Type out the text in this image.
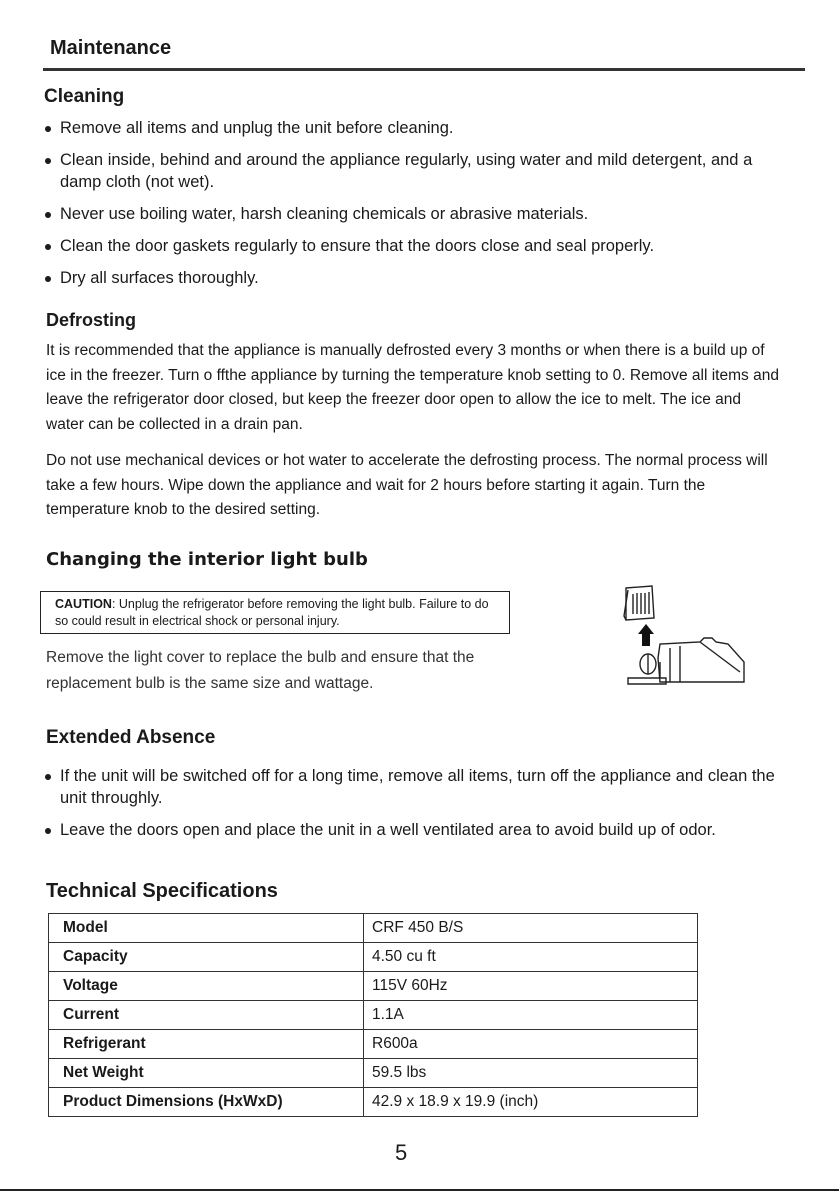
Maintenance
Cleaning
Remove all items and unplug the unit before cleaning.
Clean inside, behind and around the appliance regularly, using water and mild detergent, and a damp cloth (not wet).
Never use boiling water, harsh cleaning chemicals or abrasive materials.
Clean the door gaskets regularly to ensure that the doors close and seal properly.
Dry all surfaces thoroughly.
Defrosting

It is recommended that the appliance is manually defrosted every 3 months or when there is a build up of ice in the freezer. Turn o ffthe appliance by turning the temperature knob setting to 0. Remove all items and leave the refrigerator door closed, but keep the freezer door open to allow the ice to melt. The ice and water can be collected in a drain pan.

Do not use mechanical devices or hot water to accelerate the defrosting process. The normal process will take a few hours. Wipe down the appliance and wait for 2 hours before starting it again. Turn the temperature knob to the desired setting.

Changing the interior light bulb
CAUTION: Unplug the refrigerator before removing the light bulb. Failure to do so could result in electrical shock or personal injury.

Remove the light cover to replace the bulb and ensure that the replacement bulb is the same size and wattage.

Extended Absence
If the unit will be switched off for a long time, remove all items, turn off the appliance and clean the unit throughly.
Leave the doors open and place the unit in a well ventilated area to avoid build up of odor.
Technical Specifications
Model	CRF 450 B/S
Capacity	4.50 cu ft
Voltage	115V 60Hz
Current	1.1A
Refrigerant	R600a
Net Weight	59.5 lbs
Product Dimensions (HxWxD)	42.9 x 18.9 x 19.9 (inch)
5
